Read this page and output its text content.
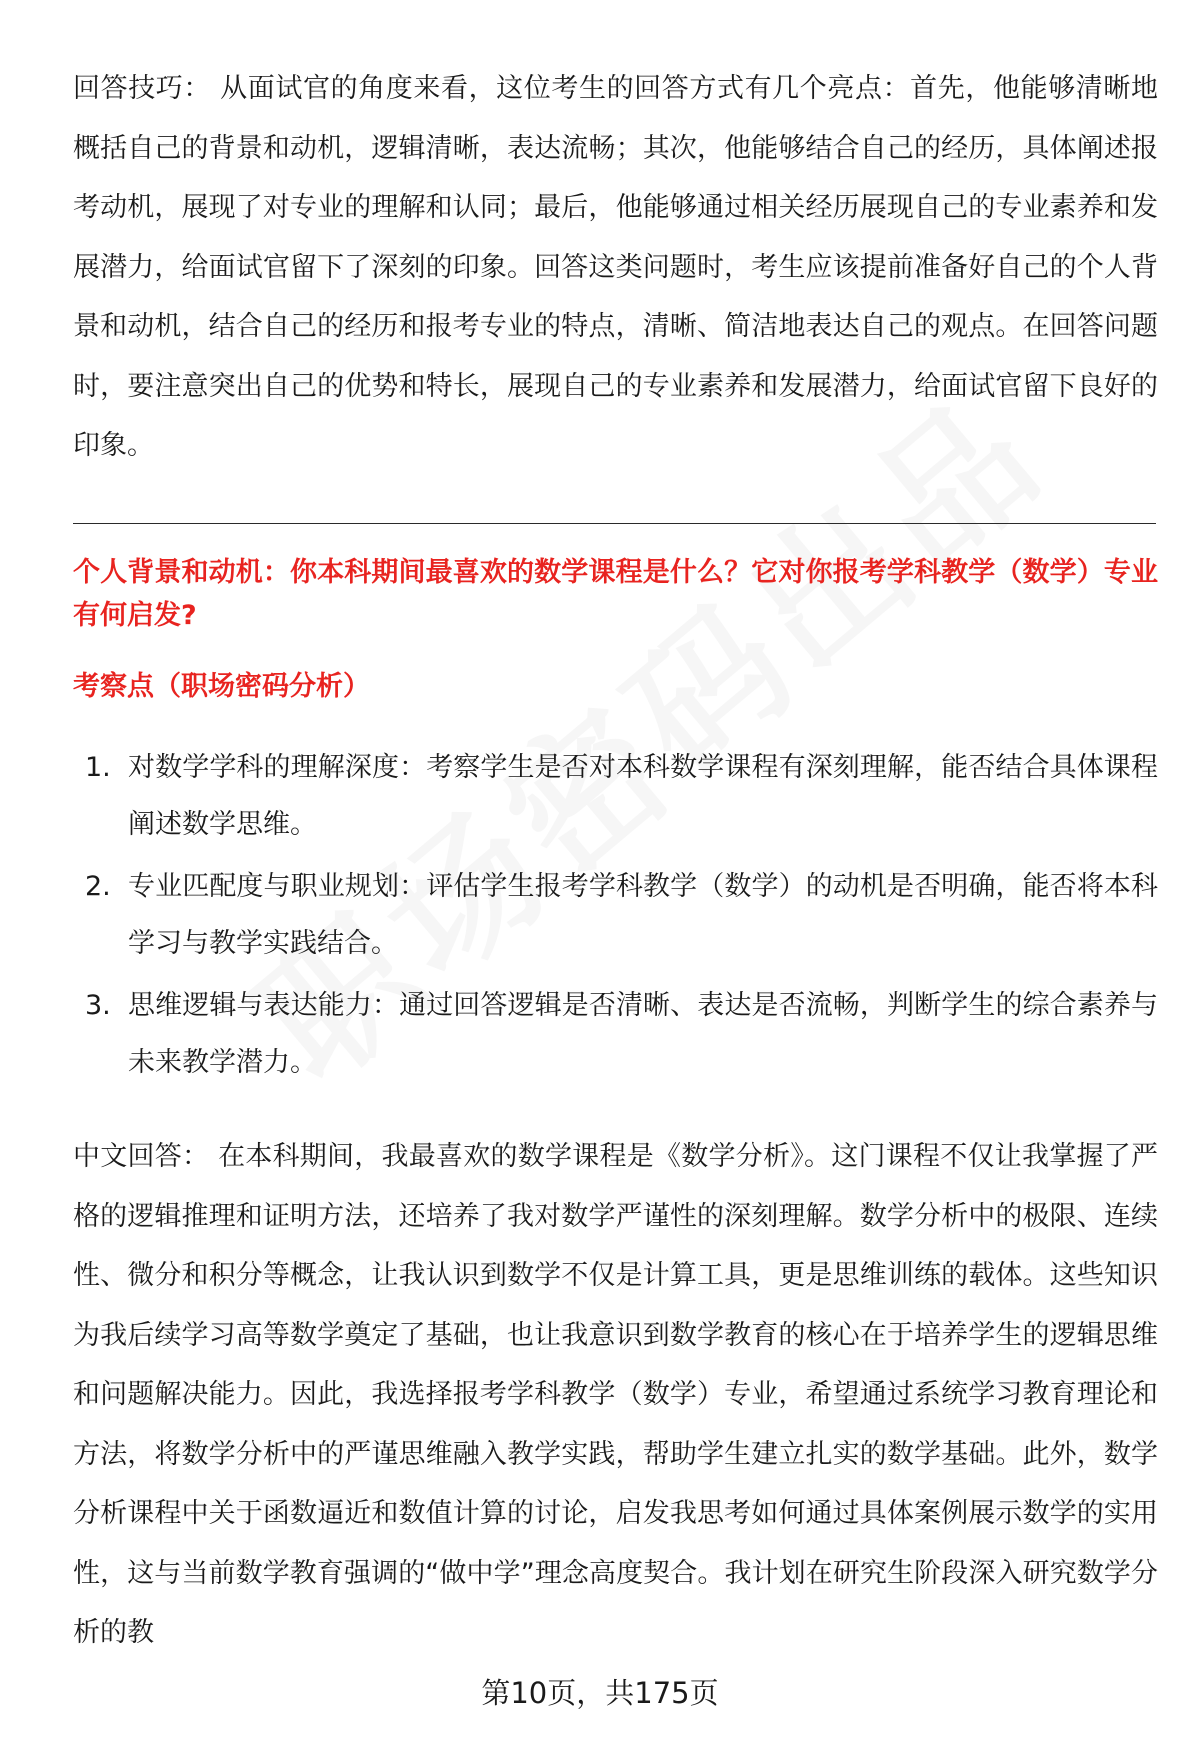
回答技巧： 从面试官的角度来看，这位考生的回答方式有几个亮点：首先，他能够清晰地概括自己的背景和动机，逻辑清晰，表达流畅；其次，他能够结合自己的经历，具体阐述报考动机，展现了对专业的理解和认同；最后，他能够通过相关经历展现自己的专业素养和发展潜力，给面试官留下了深刻的印象。回答这类问题时，考生应该提前准备好自己的个人背景和动机，结合自己的经历和报考专业的特点，清晰、简洁地表达自己的观点。在回答问题时，要注意突出自己的优势和特长，展现自己的专业素养和发展潜力，给面试官留下良好的印象。

个人背景和动机：你本科期间最喜欢的数学课程是什么？它对你报考学科教学（数学）专业有何启发?

考察点（职场密码分析）

1. 对数学学科的理解深度：考察学生是否对本科数学课程有深刻理解，能否结合具体课程阐述数学思维。
2. 专业匹配度与职业规划：评估学生报考学科教学（数学）的动机是否明确，能否将本科学习与教学实践结合。
3. 思维逻辑与表达能力：通过回答逻辑是否清晰、表达是否流畅，判断学生的综合素养与未来教学潜力。

中文回答： 在本科期间，我最喜欢的数学课程是《数学分析》。这门课程不仅让我掌握了严格的逻辑推理和证明方法，还培养了我对数学严谨性的深刻理解。数学分析中的极限、连续性、微分和积分等概念，让我认识到数学不仅是计算工具，更是思维训练的载体。这些知识为我后续学习高等数学奠定了基础，也让我意识到数学教育的核心在于培养学生的逻辑思维和问题解决能力。因此，我选择报考学科教学（数学）专业，希望通过系统学习教育理论和方法，将数学分析中的严谨思维融入教学实践，帮助学生建立扎实的数学基础。此外，数学分析课程中关于函数逼近和数值计算的讨论，启发我思考如何通过具体案例展示数学的实用性，这与当前数学教育强调的“做中学”理念高度契合。我计划在研究生阶段深入研究数学分析的教

第10页，共175页
